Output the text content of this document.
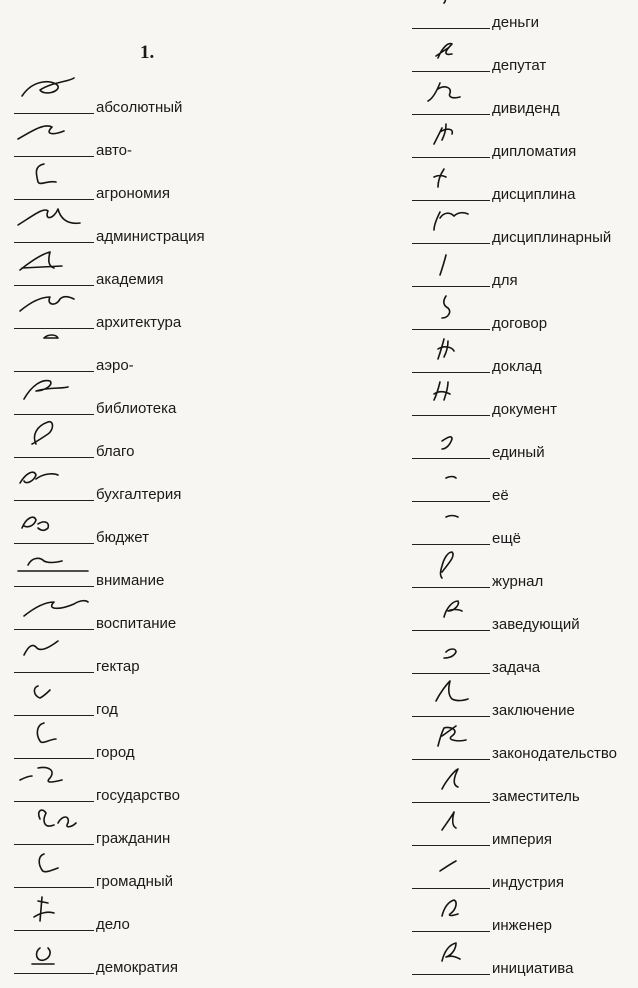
1.
абсолютный
авто-
агрономия
администрация
академия
архитектура
аэро-
библиотека
благо
бухгалтерия
бюджет
внимание
воспитание
гектар
год
город
государство
гражданин
громадный
дело
демократия
деньги
депутат
дивиденд
дипломатия
дисциплина
дисциплинарный
для
договор
доклад
документ
единый
её
ещё
журнал
заведующий
задача
заключение
законодательство
заместитель
империя
индустрия
инженер
инициатива
